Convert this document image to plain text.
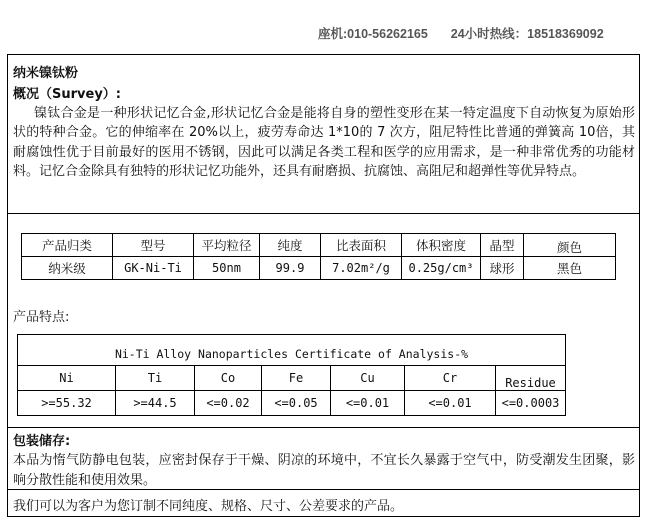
座机:010-56262165 24小时热线：18518369092
纳米镍钛粉
概况（Survey）:
镍钛合金是一种形状记忆合金,形状记忆合金是能将自身的塑性变形在某一特定温度下自动恢复为原始形状的特种合金。它的伸缩率在 20%以上，疲劳寿命达 1*10的 7 次方，阻尼特性比普通的弹簧高 10倍，其耐腐蚀性优于目前最好的医用不锈钢，因此可以满足各类工程和医学的应用需求，是一种非常优秀的功能材料。记忆合金除具有独特的形状记忆功能外，还具有耐磨损、抗腐蚀、高阻尼和超弹性等优异特点。
产品归类	型号	平均粒径	纯度	比表面积	体积密度	晶型	颜色
纳米级	GK-Ni-Ti	50nm	99.9	7.02m²/g	0.25g/cm³	球形	黑色
产品特点:
Ni-Ti Alloy Nanoparticles Certificate of Analysis-%
Ni	Ti	Co	Fe	Cu	Cr	Residue
>=55.32	>=44.5	<=0.02	<=0.05	<=0.01	<=0.01	<=0.0003
包装储存:
本品为惰气防静电包装，应密封保存于干燥、阴凉的环境中，不宜长久暴露于空气中，防受潮发生团聚，影响分散性能和使用效果。
我们可以为客户为您订制不同纯度、规格、尺寸、公差要求的产品。
